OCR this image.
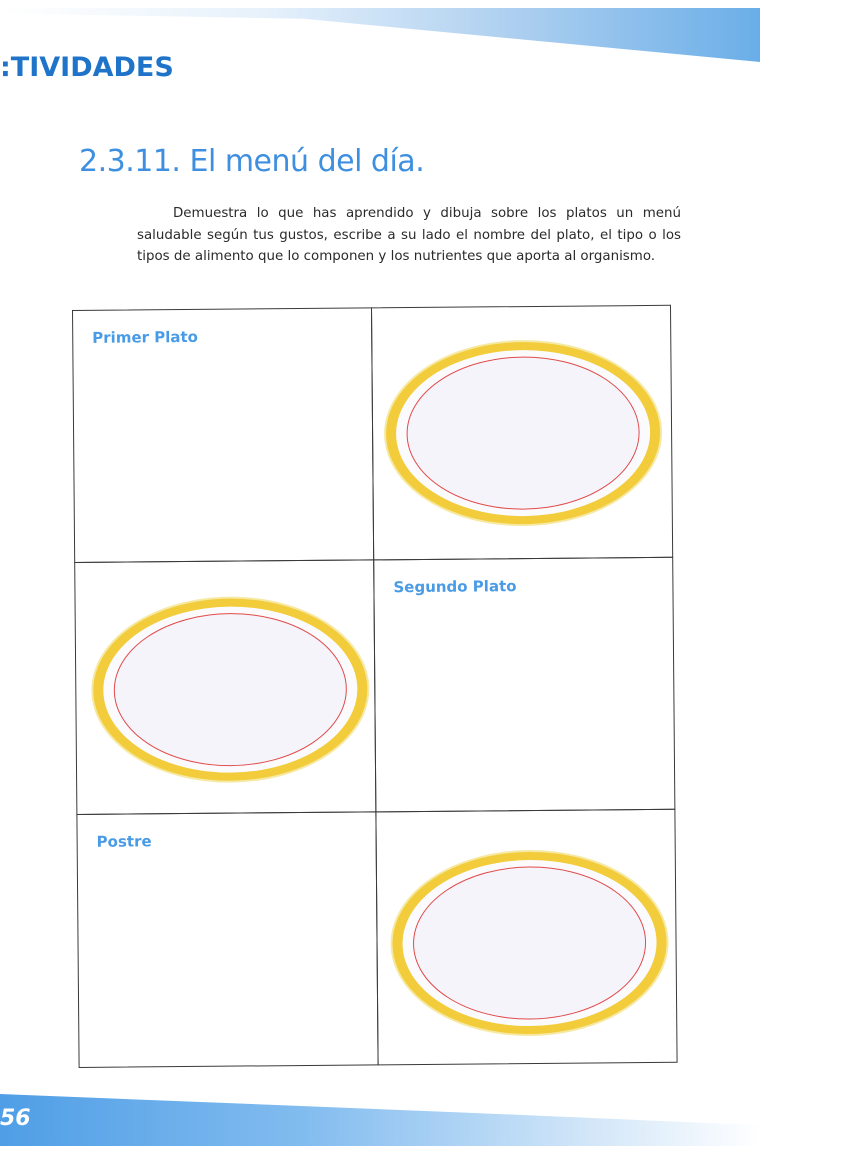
:TIVIDADES
2.3.11. El menú del día.

Demuestra lo que has aprendido y dibuja sobre los platos un menú saludable según tus gustos, escribe a su lado el nombre del plato, el tipo o los tipos de alimento que lo componen y los nutrientes que aporta al organismo.

Primer Plato
Segundo Plato
Postre
56
